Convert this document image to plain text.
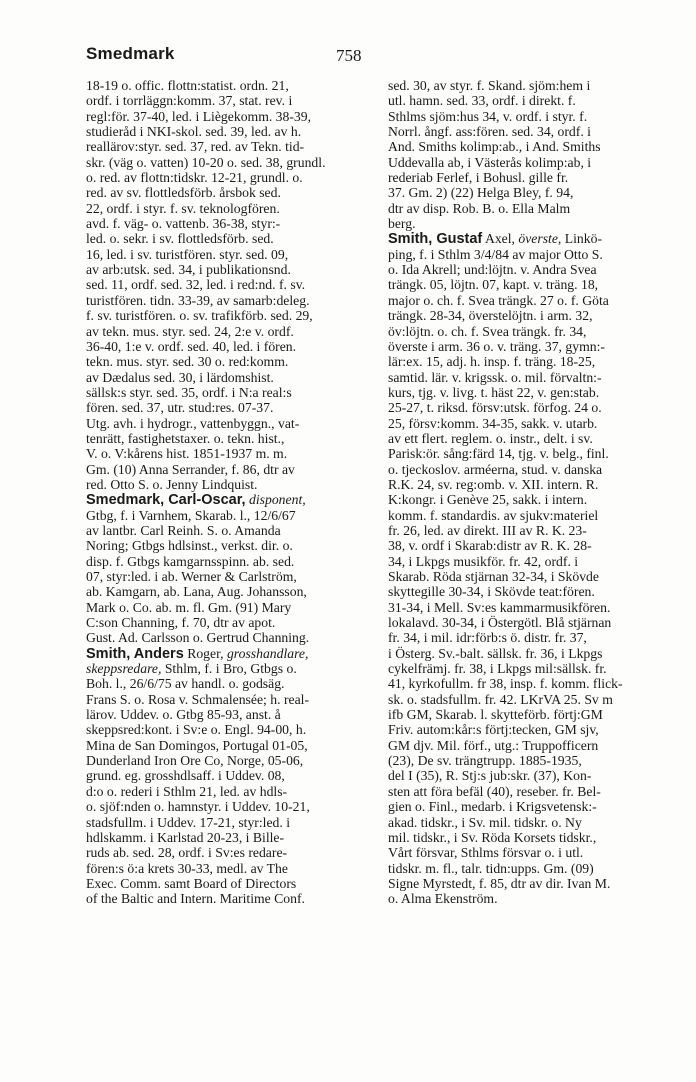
Smedmark	758
18-19 o. offic. flottn:statist. ordn. 21,
ordf. i torrläggn:komm. 37, stat. rev. i
regl:för. 37-40, led. i Liègekomm. 38-39,
studieråd i NKI-skol. sed. 39, led. av h.
reallärov:styr. sed. 37, red. av Tekn. tid-
skr. (väg o. vatten) 10-20 o. sed. 38, grundl.
o. red. av flottn:tidskr. 12-21, grundl. o.
red. av sv. flottledsförb. årsbok sed.
22, ordf. i styr. f. sv. teknologfören.
avd. f. väg- o. vattenb. 36-38, styr:-
led. o. sekr. i sv. flottledsförb. sed.
16, led. i sv. turistfören. styr. sed. 09,
av arb:utsk. sed. 34, i publikationsnd.
sed. 11, ordf. sed. 32, led. i red:nd. f. sv.
turistfören. tidn. 33-39, av samarb:deleg.
f. sv. turistfören. o. sv. trafikförb. sed. 29,
av tekn. mus. styr. sed. 24, 2:e v. ordf.
36-40, 1:e v. ordf. sed. 40, led. i fören.
tekn. mus. styr. sed. 30 o. red:komm.
av Dædalus sed. 30, i lärdomshist.
sällsk:s styr. sed. 35, ordf. i N:a real:s
fören. sed. 37, utr. stud:res. 07-37.
Utg. avh. i hydrogr., vattenbyggn., vat-
tenrätt, fastighetstaxer. o. tekn. hist.,
V. o. V:kårens hist. 1851-1937 m. m.
Gm. (10) Anna Serrander, f. 86, dtr av
red. Otto S. o. Jenny Lindquist.
Smedmark, Carl-Oscar, disponent,
Gtbg, f. i Varnhem, Skarab. l., 12/6/67
av lantbr. Carl Reinh. S. o. Amanda
Noring; Gtbgs hdlsinst., verkst. dir. o.
disp. f. Gtbgs kamgarnsspinn. ab. sed.
07, styr:led. i ab. Werner & Carlström,
ab. Kamgarn, ab. Lana, Aug. Johansson,
Mark o. Co. ab. m. fl. Gm. (91) Mary
C:son Channing, f. 70, dtr av apot.
Gust. Ad. Carlsson o. Gertrud Channing.
Smith, Anders Roger, grosshandlare,
skeppsredare, Sthlm, f. i Bro, Gtbgs o.
Boh. l., 26/6/75 av handl. o. godsäg.
Frans S. o. Rosa v. Schmalensée; h. real-
lärov. Uddev. o. Gtbg 85-93, anst. å
skeppsred:kont. i Sv:e o. Engl. 94-00, h.
Mina de San Domingos, Portugal 01-05,
Dunderland Iron Ore Co, Norge, 05-06,
grund. eg. grosshdlsaff. i Uddev. 08,
d:o o. rederi i Sthlm 21, led. av hdls-
o. sjöf:nden o. hamnstyr. i Uddev. 10-21,
stadsfullm. i Uddev. 17-21, styr:led. i
hdlskamm. i Karlstad 20-23, i Bille-
ruds ab. sed. 28, ordf. i Sv:es redare-
fören:s ö:a krets 30-33, medl. av The
Exec. Comm. samt Board of Directors
of the Baltic and Intern. Maritime Conf.
sed. 30, av styr. f. Skand. sjöm:hem i
utl. hamn. sed. 33, ordf. i direkt. f.
Sthlms sjöm:hus 34, v. ordf. i styr. f.
Norrl. ångf. ass:fören. sed. 34, ordf. i
And. Smiths kolimp:ab., i And. Smiths
Uddevalla ab, i Västerås kolimp:ab, i
rederiab Ferlef, i Bohusl. gille fr.
37. Gm. 2) (22) Helga Bley, f. 94,
dtr av disp. Rob. B. o. Ella Malm
berg.
Smith, Gustaf Axel, överste, Linkö-
ping, f. i Sthlm 3/4/84 av major Otto S.
o. Ida Akrell; und:löjtn. v. Andra Svea
trängk. 05, löjtn. 07, kapt. v. träng. 18,
major o. ch. f. Svea trängk. 27 o. f. Göta
trängk. 28-34, överstelöjtn. i arm. 32,
öv:löjtn. o. ch. f. Svea trängk. fr. 34,
överste i arm. 36 o. v. träng. 37, gymn:-
lär:ex. 15, adj. h. insp. f. träng. 18-25,
samtid. lär. v. krigssk. o. mil. förvaltn:-
kurs, tjg. v. livg. t. häst 22, v. gen:stab.
25-27, t. riksd. försv:utsk. förfog. 24 o.
25, försv:komm. 34-35, sakk. v. utarb.
av ett flert. reglem. o. instr., delt. i sv.
Parisk:ör. sång:färd 14, tjg. v. belg., finl.
o. tjeckoslov. arméerna, stud. v. danska
R.K. 24, sv. reg:omb. v. XII. intern. R.
K:kongr. i Genève 25, sakk. i intern.
komm. f. standardis. av sjukv:materiel
fr. 26, led. av direkt. III av R. K. 23-
38, v. ordf i Skarab:distr av R. K. 28-
34, i Lkpgs musikför. fr. 42, ordf. i
Skarab. Röda stjärnan 32-34, i Skövde
skyttegille 30-34, i Skövde teat:fören.
31-34, i Mell. Sv:es kammarmusikfören.
lokalavd. 30-34, i Östergötl. Blå stjärnan
fr. 34, i mil. idr:förb:s ö. distr. fr. 37,
i Österg. Sv.-balt. sällsk. fr. 36, i Lkpgs
cykelfrämj. fr. 38, i Lkpgs mil:sällsk. fr.
41, kyrkofullm. fr 38, insp. f. komm. flick-
sk. o. stadsfullm. fr. 42. LKrVA 25. Sv m
ifb GM, Skarab. l. skytteförb. förtj:GM
Friv. autom:kår:s förtj:tecken, GM sjv,
GM djv. Mil. förf., utg.: Truppofficern
(23), De sv. trängtrupp. 1885-1935,
del I (35), R. Stj:s jub:skr. (37), Kon-
sten att föra befäl (40), reseber. fr. Bel-
gien o. Finl., medarb. i Krigsvetensk:-
akad. tidskr., i Sv. mil. tidskr. o. Ny
mil. tidskr., i Sv. Röda Korsets tidskr.,
Vårt försvar, Sthlms försvar o. i utl.
tidskr. m. fl., talr. tidn:upps. Gm. (09)
Signe Myrstedt, f. 85, dtr av dir. Ivan M.
o. Alma Ekenström.
